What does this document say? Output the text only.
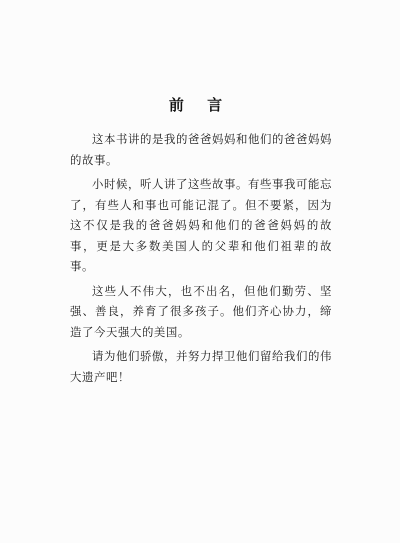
前 言

这本书讲的是我的爸爸妈妈和他们的爸爸妈妈的故事。

小时候，听人讲了这些故事。有些事我可能忘了，有些人和事也可能记混了。但不要紧，因为这不仅是我的爸爸妈妈和他们的爸爸妈妈的故事，更是大多数美国人的父辈和他们祖辈的故事。

这些人不伟大，也不出名，但他们勤劳、坚强、善良，养育了很多孩子。他们齐心协力，缔造了今天强大的美国。

请为他们骄傲，并努力捍卫他们留给我们的伟大遗产吧！
